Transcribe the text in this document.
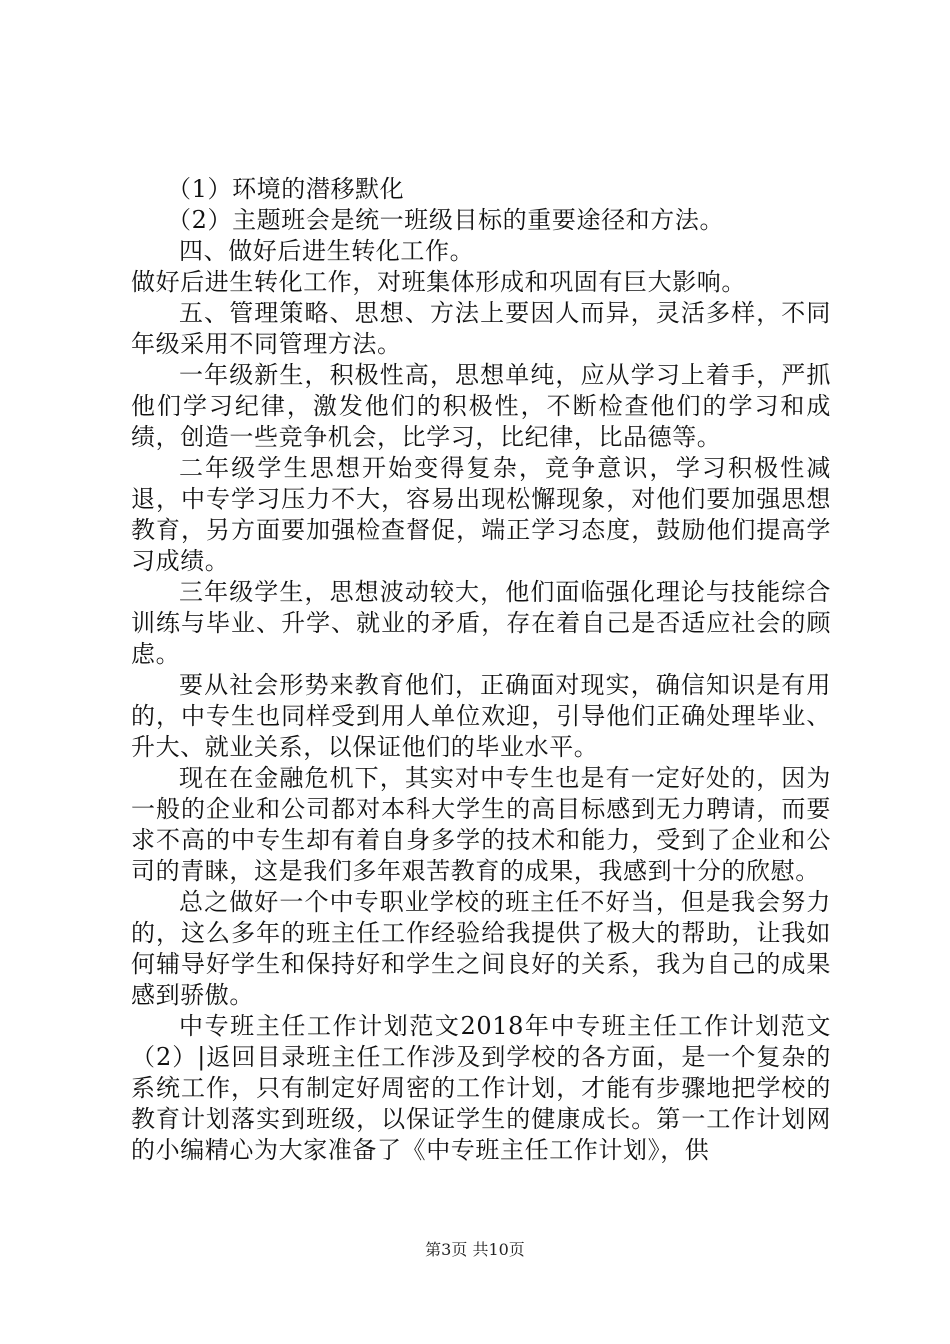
（1）环境的潜移默化

（2）主题班会是统一班级目标的重要途径和方法。

四、做好后进生转化工作。

做好后进生转化工作，对班集体形成和巩固有巨大影响。

五、管理策略、思想、方法上要因人而异，灵活多样，不同年级采用不同管理方法。

一年级新生，积极性高，思想单纯，应从学习上着手，严抓他们学习纪律，激发他们的积极性，不断检查他们的学习和成绩，创造一些竞争机会，比学习，比纪律，比品德等。

二年级学生思想开始变得复杂，竞争意识，学习积极性减退，中专学习压力不大，容易出现松懈现象，对他们要加强思想教育，另方面要加强检查督促，端正学习态度，鼓励他们提高学习成绩。

三年级学生，思想波动较大，他们面临强化理论与技能综合训练与毕业、升学、就业的矛盾，存在着自己是否适应社会的顾虑。

要从社会形势来教育他们，正确面对现实，确信知识是有用的，中专生也同样受到用人单位欢迎，引导他们正确处理毕业、升大、就业关系，以保证他们的毕业水平。

现在在金融危机下，其实对中专生也是有一定好处的，因为一般的企业和公司都对本科大学生的高目标感到无力聘请，而要求不高的中专生却有着自身多学的技术和能力，受到了企业和公司的青睐，这是我们多年艰苦教育的成果，我感到十分的欣慰。

总之做好一个中专职业学校的班主任不好当，但是我会努力的，这么多年的班主任工作经验给我提供了极大的帮助，让我如何辅导好学生和保持好和学生之间良好的关系，我为自己的成果感到骄傲。

中专班主任工作计划范文2018年中专班主任工作计划范文（2）|返回目录班主任工作涉及到学校的各方面，是一个复杂的系统工作，只有制定好周密的工作计划，才能有步骤地把学校的教育计划落实到班级，以保证学生的健康成长。第一工作计划网的小编精心为大家准备了《中专班主任工作计划》，供

第3页 共10页
